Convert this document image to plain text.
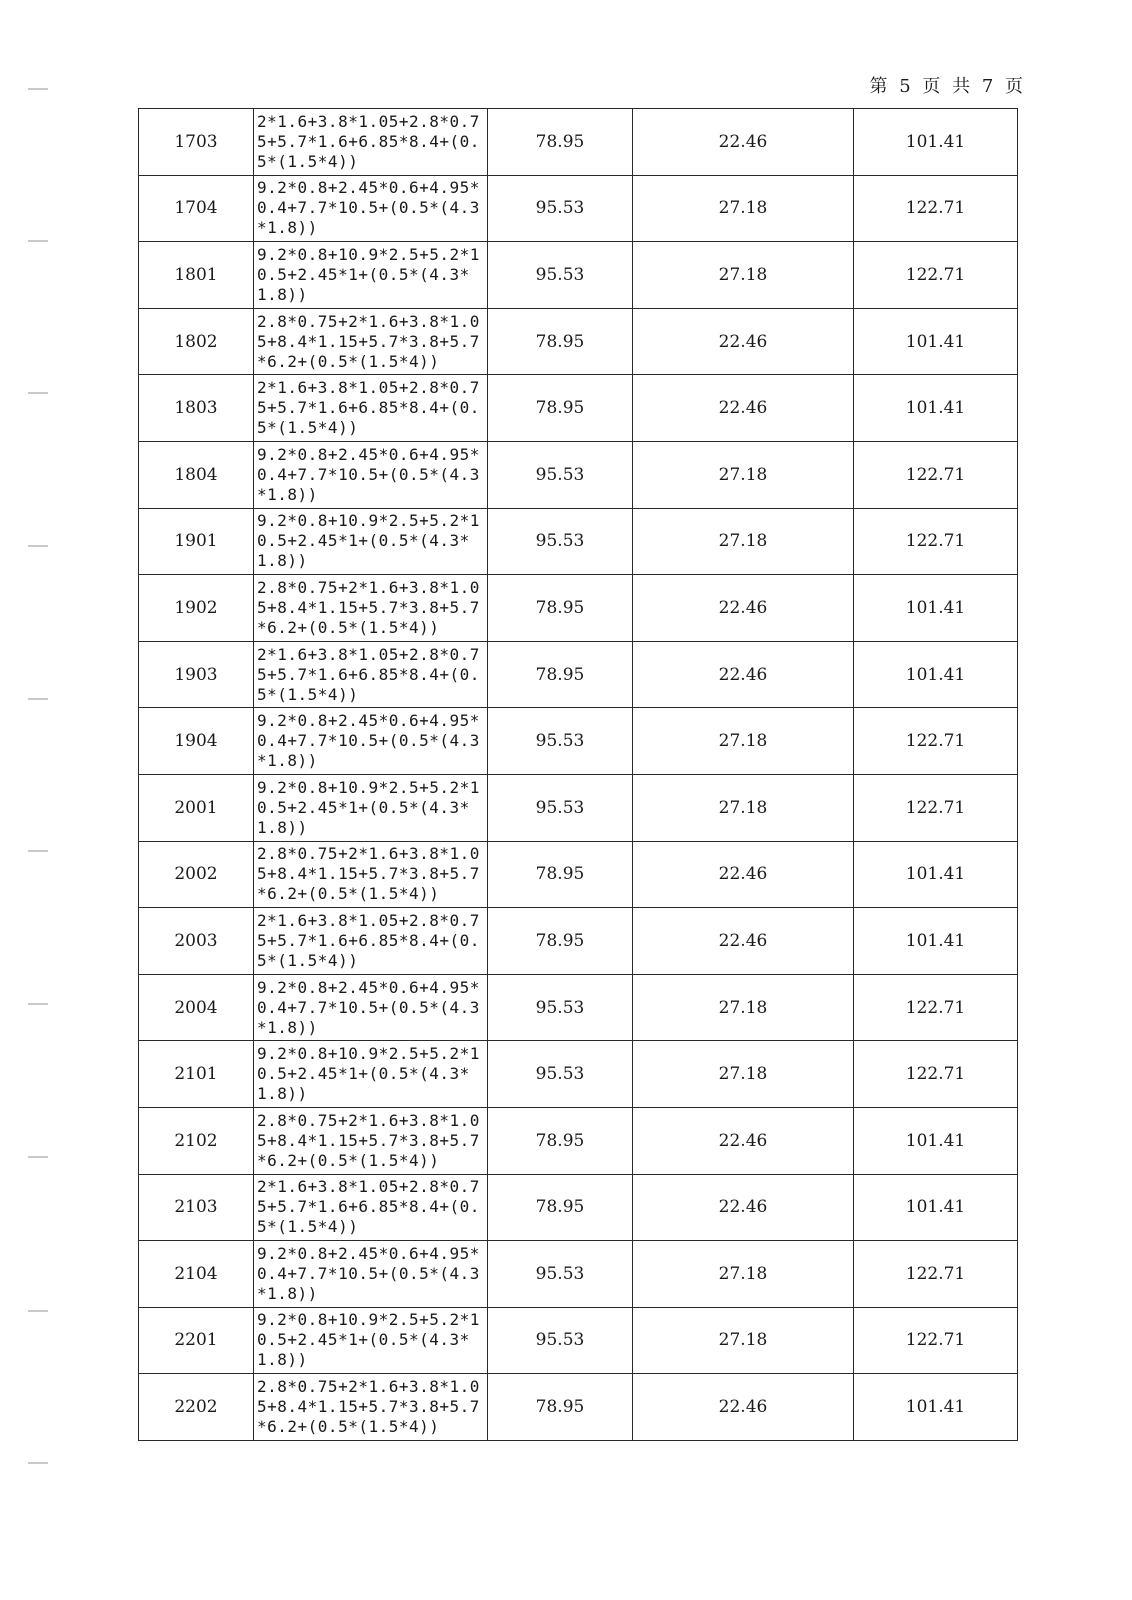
第 5 页 共 7 页
1703	2*1.6+3.8*1.05+2.8*0.75+5.7*1.6+6.85*8.4+(0.5*(1.5*4))	78.95	22.46	101.41
1704	9.2*0.8+2.45*0.6+4.95*0.4+7.7*10.5+(0.5*(4.3*1.8))	95.53	27.18	122.71
1801	9.2*0.8+10.9*2.5+5.2*10.5+2.45*1+(0.5*(4.3*1.8))	95.53	27.18	122.71
1802	2.8*0.75+2*1.6+3.8*1.05+8.4*1.15+5.7*3.8+5.7*6.2+(0.5*(1.5*4))	78.95	22.46	101.41
1803	2*1.6+3.8*1.05+2.8*0.75+5.7*1.6+6.85*8.4+(0.5*(1.5*4))	78.95	22.46	101.41
1804	9.2*0.8+2.45*0.6+4.95*0.4+7.7*10.5+(0.5*(4.3*1.8))	95.53	27.18	122.71
1901	9.2*0.8+10.9*2.5+5.2*10.5+2.45*1+(0.5*(4.3*1.8))	95.53	27.18	122.71
1902	2.8*0.75+2*1.6+3.8*1.05+8.4*1.15+5.7*3.8+5.7*6.2+(0.5*(1.5*4))	78.95	22.46	101.41
1903	2*1.6+3.8*1.05+2.8*0.75+5.7*1.6+6.85*8.4+(0.5*(1.5*4))	78.95	22.46	101.41
1904	9.2*0.8+2.45*0.6+4.95*0.4+7.7*10.5+(0.5*(4.3*1.8))	95.53	27.18	122.71
2001	9.2*0.8+10.9*2.5+5.2*10.5+2.45*1+(0.5*(4.3*1.8))	95.53	27.18	122.71
2002	2.8*0.75+2*1.6+3.8*1.05+8.4*1.15+5.7*3.8+5.7*6.2+(0.5*(1.5*4))	78.95	22.46	101.41
2003	2*1.6+3.8*1.05+2.8*0.75+5.7*1.6+6.85*8.4+(0.5*(1.5*4))	78.95	22.46	101.41
2004	9.2*0.8+2.45*0.6+4.95*0.4+7.7*10.5+(0.5*(4.3*1.8))	95.53	27.18	122.71
2101	9.2*0.8+10.9*2.5+5.2*10.5+2.45*1+(0.5*(4.3*1.8))	95.53	27.18	122.71
2102	2.8*0.75+2*1.6+3.8*1.05+8.4*1.15+5.7*3.8+5.7*6.2+(0.5*(1.5*4))	78.95	22.46	101.41
2103	2*1.6+3.8*1.05+2.8*0.75+5.7*1.6+6.85*8.4+(0.5*(1.5*4))	78.95	22.46	101.41
2104	9.2*0.8+2.45*0.6+4.95*0.4+7.7*10.5+(0.5*(4.3*1.8))	95.53	27.18	122.71
2201	9.2*0.8+10.9*2.5+5.2*10.5+2.45*1+(0.5*(4.3*1.8))	95.53	27.18	122.71
2202	2.8*0.75+2*1.6+3.8*1.05+8.4*1.15+5.7*3.8+5.7*6.2+(0.5*(1.5*4))	78.95	22.46	101.41
